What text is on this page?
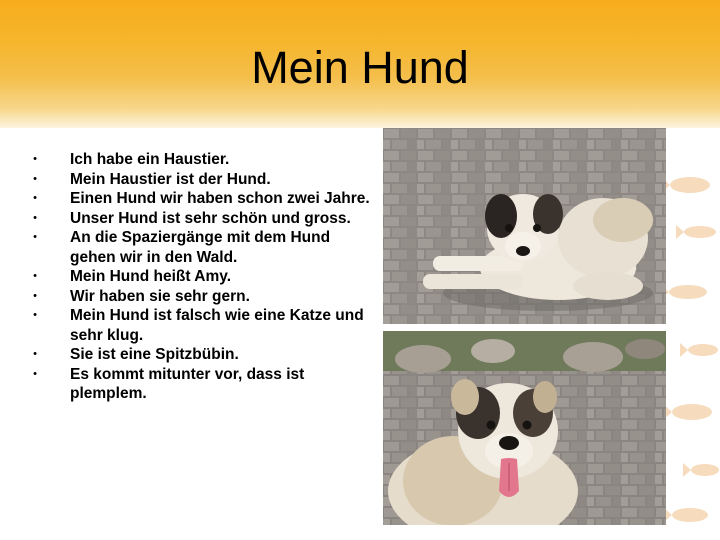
Mein Hund
• Ich habe ein Haustier.
• Mein Haustier ist der Hund.
• Einen Hund wir haben schon zwei Jahre.
• Unser Hund ist sehr schön und gross.
• An die Spaziergänge mit dem Hund gehen wir in den Wald.
• Mein Hund heißt Amy.
• Wir haben sie sehr gern.
• Mein Hund ist falsch wie eine Katze und sehr klug.
• Sie ist eine Spitzbübin.
• Es kommt mitunter vor, dass ist plemplem.
